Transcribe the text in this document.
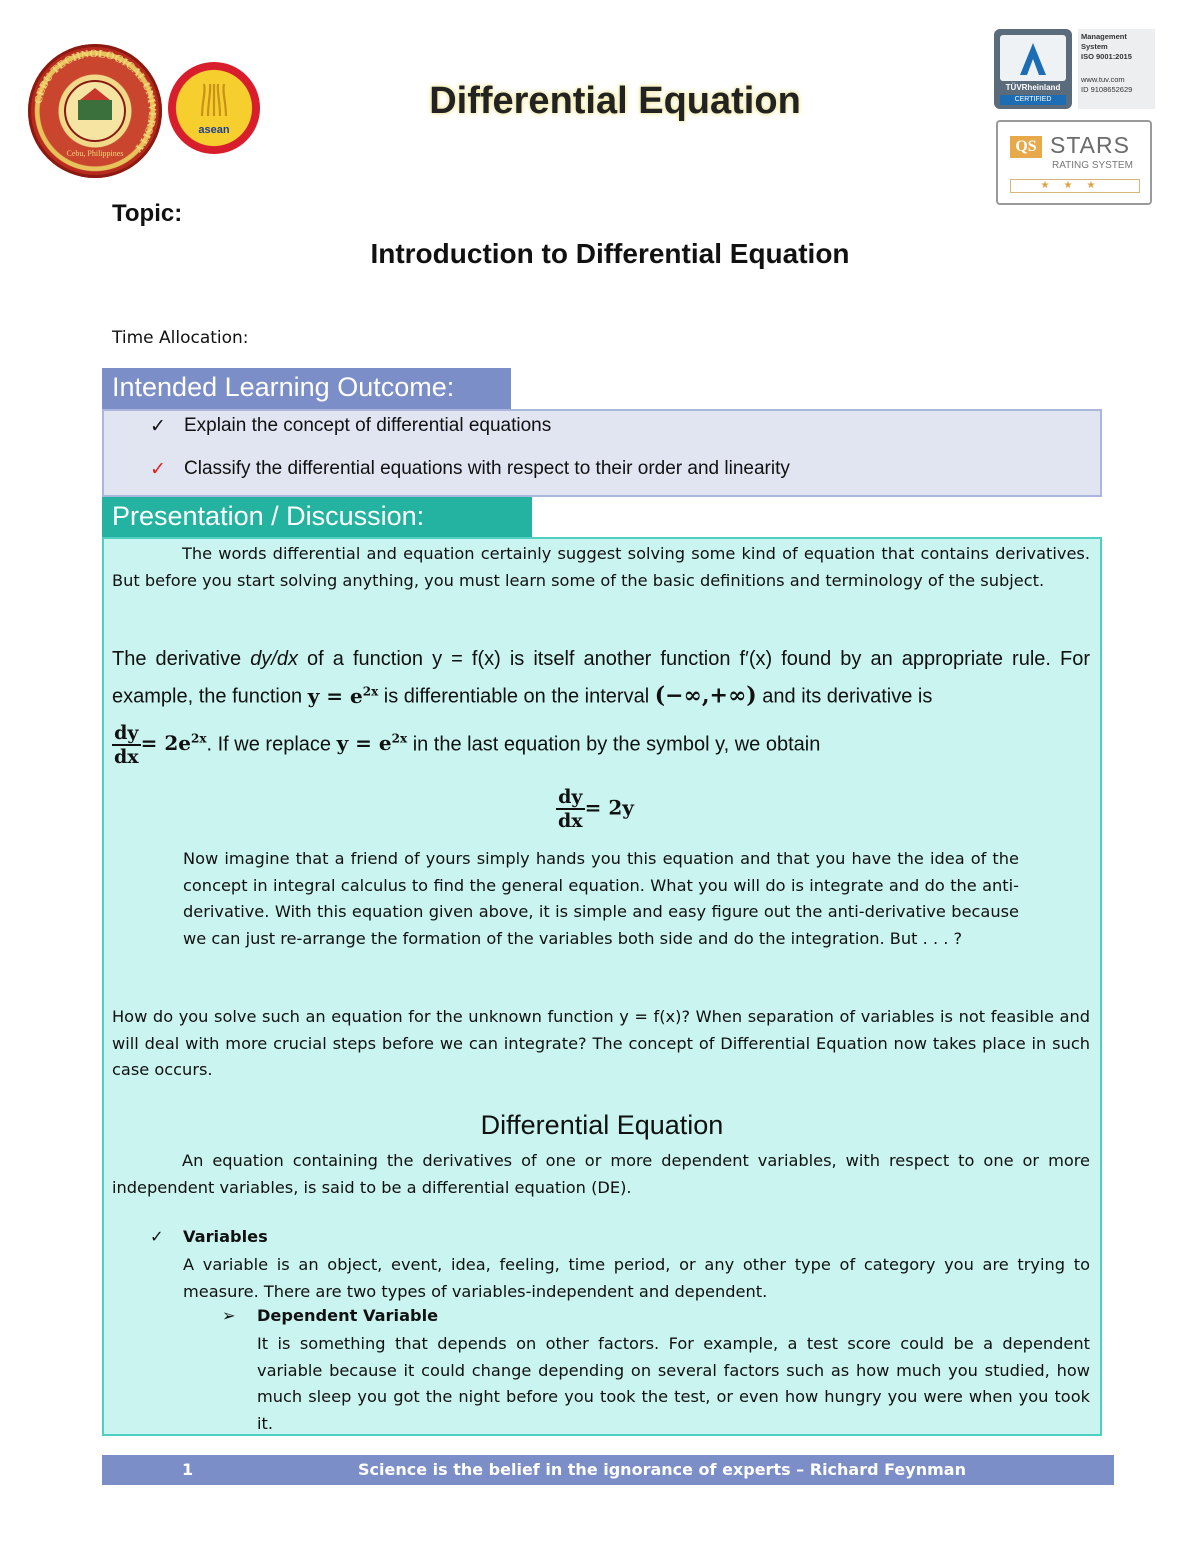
CEBU TECHNOLOGICAL UNIVERSITY
Cebu, Philippines
asean
Differential Equation	TÜVRheinland
CERTIFIED
Management
System
ISO 9001:2015
www.tuv.com
ID 9108652629
QS STARS
RATING SYSTEM
★★★
Topic:
Introduction to Differential Equation
Time Allocation:
Intended Learning Outcome:
✓ Explain the concept of differential equations
✓ Classify the differential equations with respect to their order and linearity
Presentation / Discussion:
The words differential and equation certainly suggest solving some kind of equation that contains derivatives. But before you start solving anything, you must learn some of the basic definitions and terminology of the subject.
The derivative dy/dx of a function y = f(x) is itself another function f′(x) found by an appropriate rule. For example, the function $y = e^{2x}$ is differentiable on the interval (−∞,+∞) and its derivative is
$\frac{dy}{dx} = 2e^{2x}$. If we replace $y = e^{2x}$ in the last equation by the symbol y, we obtain
$\frac{dy}{dx} = 2y$
Now imagine that a friend of yours simply hands you this equation and that you have the idea of the concept in integral calculus to find the general equation. What you will do is integrate and do the anti-derivative. With this equation given above, it is simple and easy figure out the anti-derivative because we can just re-arrange the formation of the variables both side and do the integration. But . . . ?
How do you solve such an equation for the unknown function y = f(x)? When separation of variables is not feasible and will deal with more crucial steps before we can integrate? The concept of Differential Equation now takes place in such case occurs.
Differential Equation
An equation containing the derivatives of one or more dependent variables, with respect to one or more independent variables, is said to be a differential equation (DE).
✓ Variables
A variable is an object, event, idea, feeling, time period, or any other type of category you are trying to measure. There are two types of variables-independent and dependent.
➢ Dependent Variable
It is something that depends on other factors. For example, a test score could be a dependent variable because it could change depending on several factors such as how much you studied, how much sleep you got the night before you took the test, or even how hungry you were when you took it.
1	Science is the belief in the ignorance of experts – Richard Feynman
